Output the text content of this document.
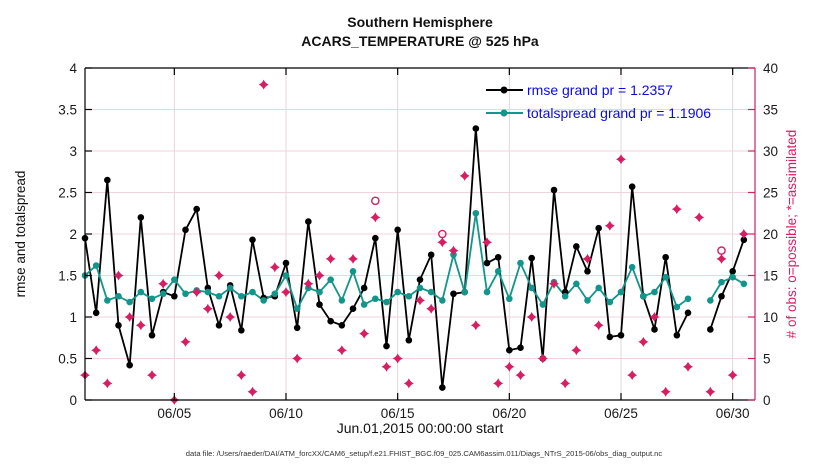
0
0.5
1
1.5
2
2.5
3
3.5
4
0
5
10
15
20
25
30
35
40
06/05	06/10	06/15	06/20	06/25	06/30
Southern Hemisphere
ACARS_TEMPERATURE @ 525 hPa
rmse grand pr = 1.2357
totalspread grand pr = 1.1906
rmse and totalspread	# of obs: o=possible; *=assimilated
Jun.01,2015 00:00:00 start
data file: /Users/raeder/DAI/ATM_forcXX/CAM6_setup/f.e21.FHIST_BGC.f09_025.CAM6assim.011/Diags_NTrS_2015-06/obs_diag_output.nc
